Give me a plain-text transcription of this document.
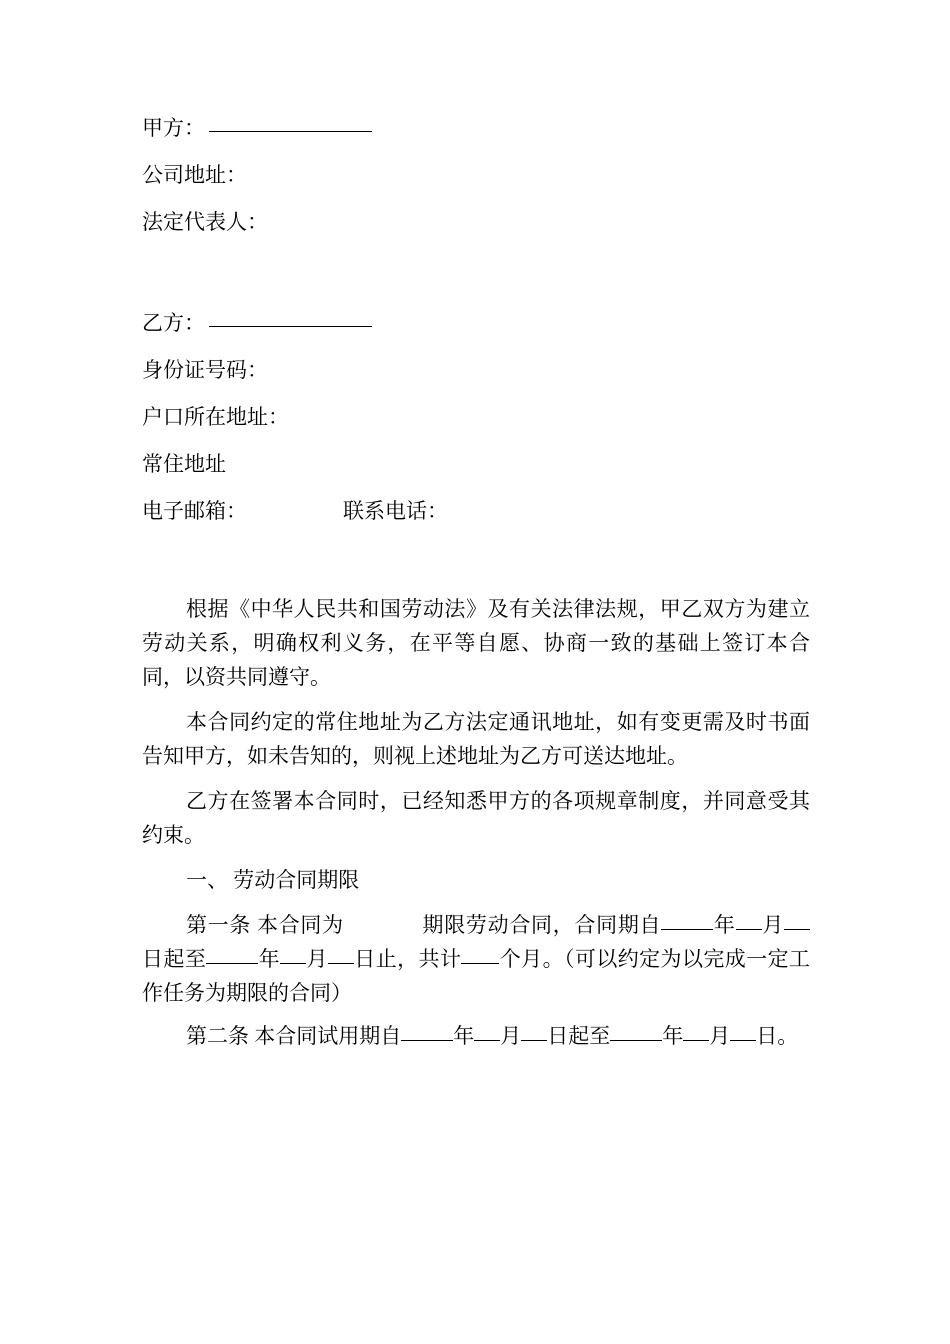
甲方：
公司地址：
法定代表人：
乙方：
身份证号码：
户口所在地址：
常住地址
电子邮箱：	联系电话：

根据《中华人民共和国劳动法》及有关法律法规，甲乙双方为建立劳动关系，明确权利义务，在平等自愿、协商一致的基础上签订本合同，以资共同遵守。

本合同约定的常住地址为乙方法定通讯地址，如有变更需及时书面告知甲方，如未告知的，则视上述地址为乙方可送达地址。

乙方在签署本合同时，已经知悉甲方的各项规章制度，并同意受其约束。

一、 劳动合同期限

第一条 本合同为	期限劳动合同，合同期自 年 月日起至 年 月 日止，共计 个月。（可以约定为以完成一定工作任务为期限的合同）

第二条 本合同试用期自 年 月 日起至 年 月 日。
